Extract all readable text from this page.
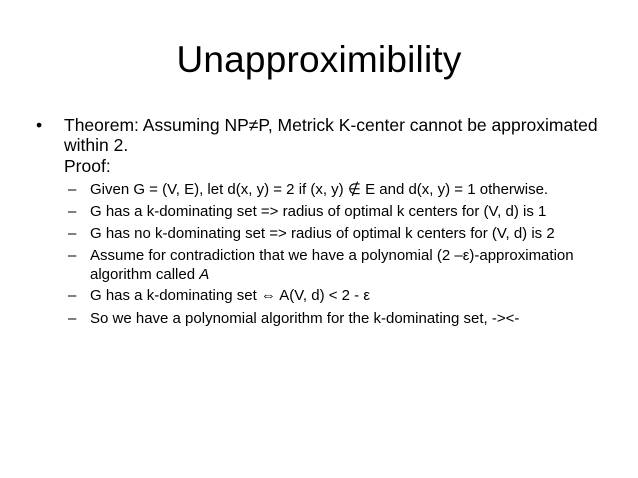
Unapproximibility
• Theorem: Assuming NP≠P, Metrick K-center cannot be approximated within 2.
Proof:
– Given G = (V, E), let d(x, y) = 2 if (x, y) ∉ E and d(x, y) = 1 otherwise.
– G has a k-dominating set => radius of optimal k centers for (V, d) is 1
– G has no k-dominating set => radius of optimal k centers for (V, d) is 2
– Assume for contradiction that we have a polynomial (2 –ε)-approximation algorithm called A
– G has a k-dominating set ⇔ A(V, d) < 2 - ε
– So we have a polynomial algorithm for the k-dominating set, -><-
